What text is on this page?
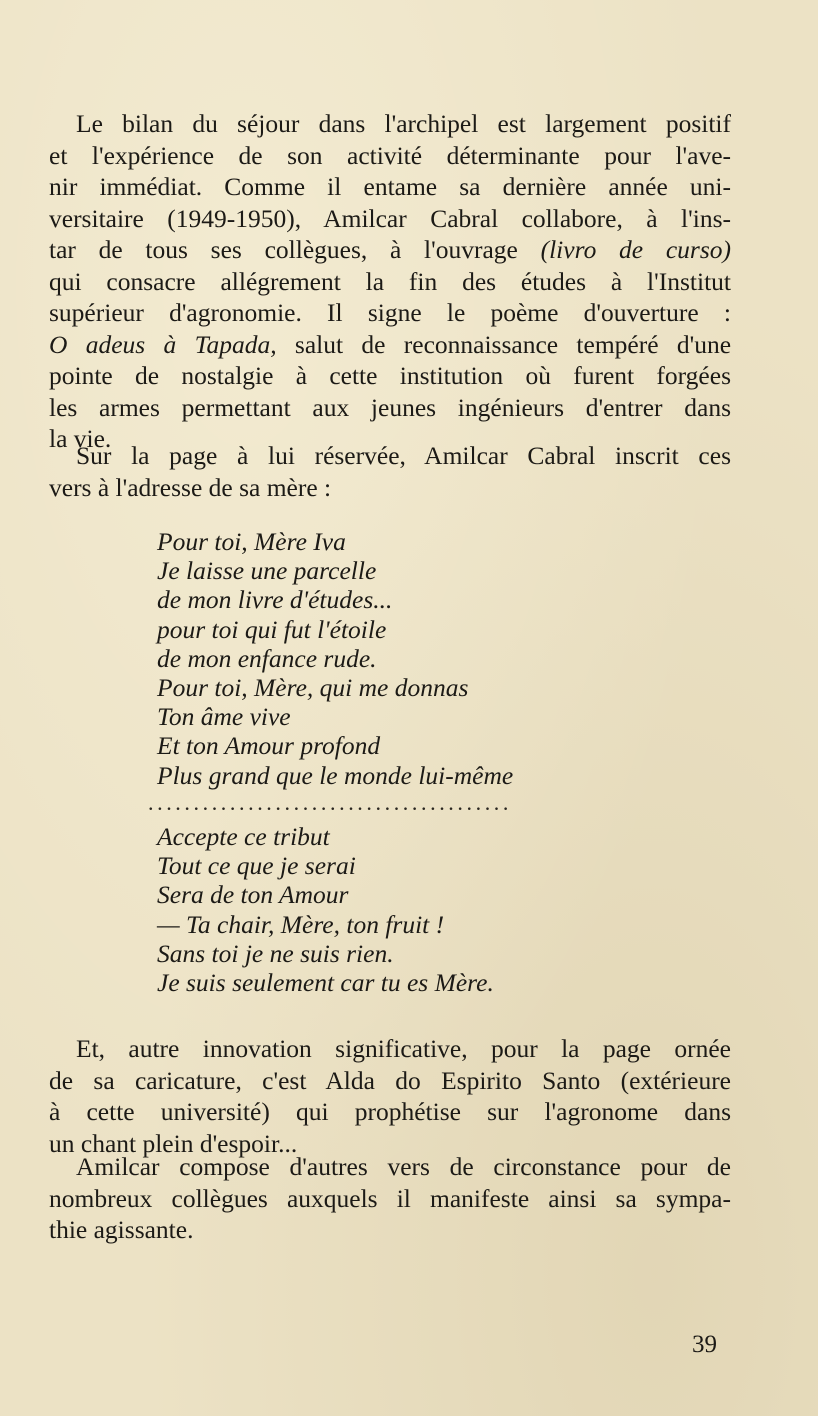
Le bilan du séjour dans l'archipel est largement positif
et l'expérience de son activité déterminante pour l'ave-
nir immédiat. Comme il entame sa dernière année uni-
versitaire (1949-1950), Amilcar Cabral collabore, à l'ins-
tar de tous ses collègues, à l'ouvrage (livro de curso)
qui consacre allégrement la fin des études à l'Institut
supérieur d'agronomie. Il signe le poème d'ouverture :
O adeus à Tapada, salut de reconnaissance tempéré d'une
pointe de nostalgie à cette institution où furent forgées
les armes permettant aux jeunes ingénieurs d'entrer dans
la vie.
Sur la page à lui réservée, Amilcar Cabral inscrit ces
vers à l'adresse de sa mère :
Pour toi, Mère Iva
Je laisse une parcelle
de mon livre d'études...
pour toi qui fut l'étoile
de mon enfance rude.
Pour toi, Mère, qui me donnas
Ton âme vive
Et ton Amour profond
Plus grand que le monde lui-même
........................................
Accepte ce tribut
Tout ce que je serai
Sera de ton Amour
— Ta chair, Mère, ton fruit !
Sans toi je ne suis rien.
Je suis seulement car tu es Mère.
Et, autre innovation significative, pour la page ornée
de sa caricature, c'est Alda do Espirito Santo (extérieure
à cette université) qui prophétise sur l'agronome dans
un chant plein d'espoir...
Amilcar compose d'autres vers de circonstance pour de
nombreux collègues auxquels il manifeste ainsi sa sympa-
thie agissante.
39
